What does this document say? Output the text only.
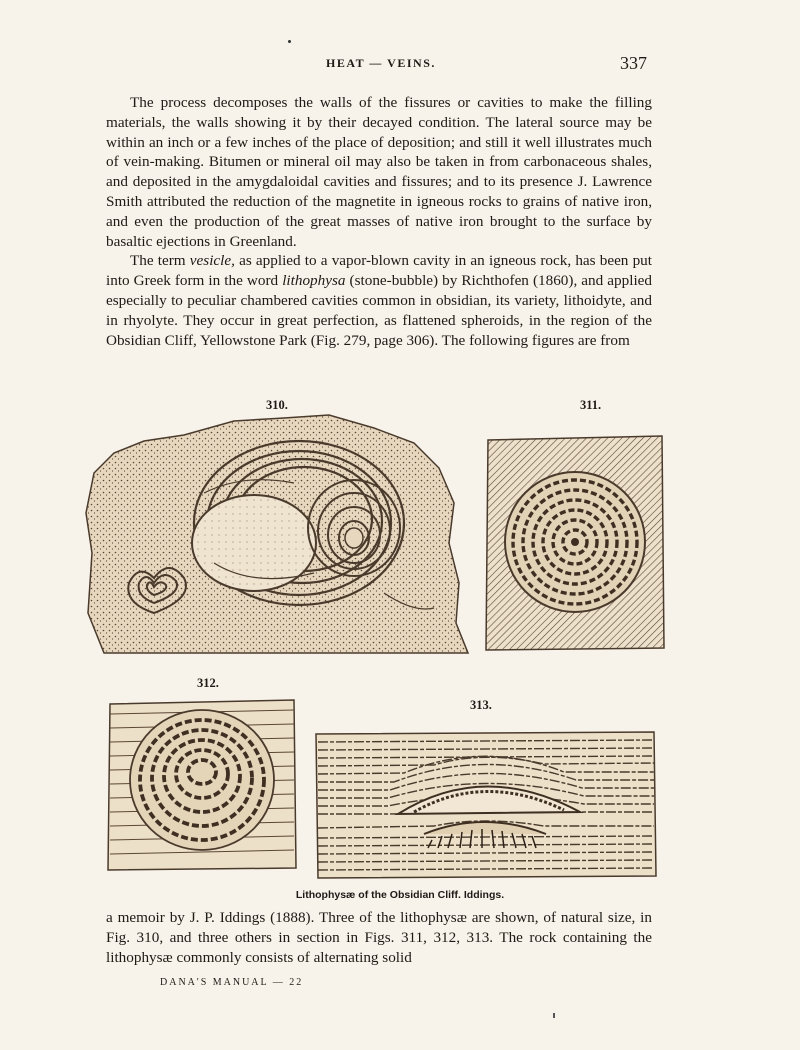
HEAT — VEINS.	337

The process decomposes the walls of the fissures or cavities to make the filling materials, the walls showing it by their decayed condition. The lateral source may be within an inch or a few inches of the place of deposition; and still it well illustrates much of vein-making. Bitumen or mineral oil may also be taken in from carbonaceous shales, and deposited in the amygdaloidal cavities and fissures; and to its presence J. Lawrence Smith attributed the reduction of the magnetite in igneous rocks to grains of native iron, and even the production of the great masses of native iron brought to the surface by basaltic ejections in Greenland.

The term vesicle, as applied to a vapor-blown cavity in an igneous rock, has been put into Greek form in the word lithophysa (stone-bubble) by Richthofen (1860), and applied especially to peculiar chambered cavities common in obsidian, its variety, lithoidyte, and in rhyolyte. They occur in great perfection, as flattened spheroids, in the region of the Obsidian Cliff, Yellowstone Park (Fig. 279, page 306). The following figures are from

310.	311.
312.
313.
Lithophysæ of the Obsidian Cliff. Iddings.

a memoir by J. P. Iddings (1888). Three of the lithophysæ are shown, of natural size, in Fig. 310, and three others in section in Figs. 311, 312, 313. The rock containing the lithophysæ commonly consists of alternating solid

DANA'S MANUAL — 22
